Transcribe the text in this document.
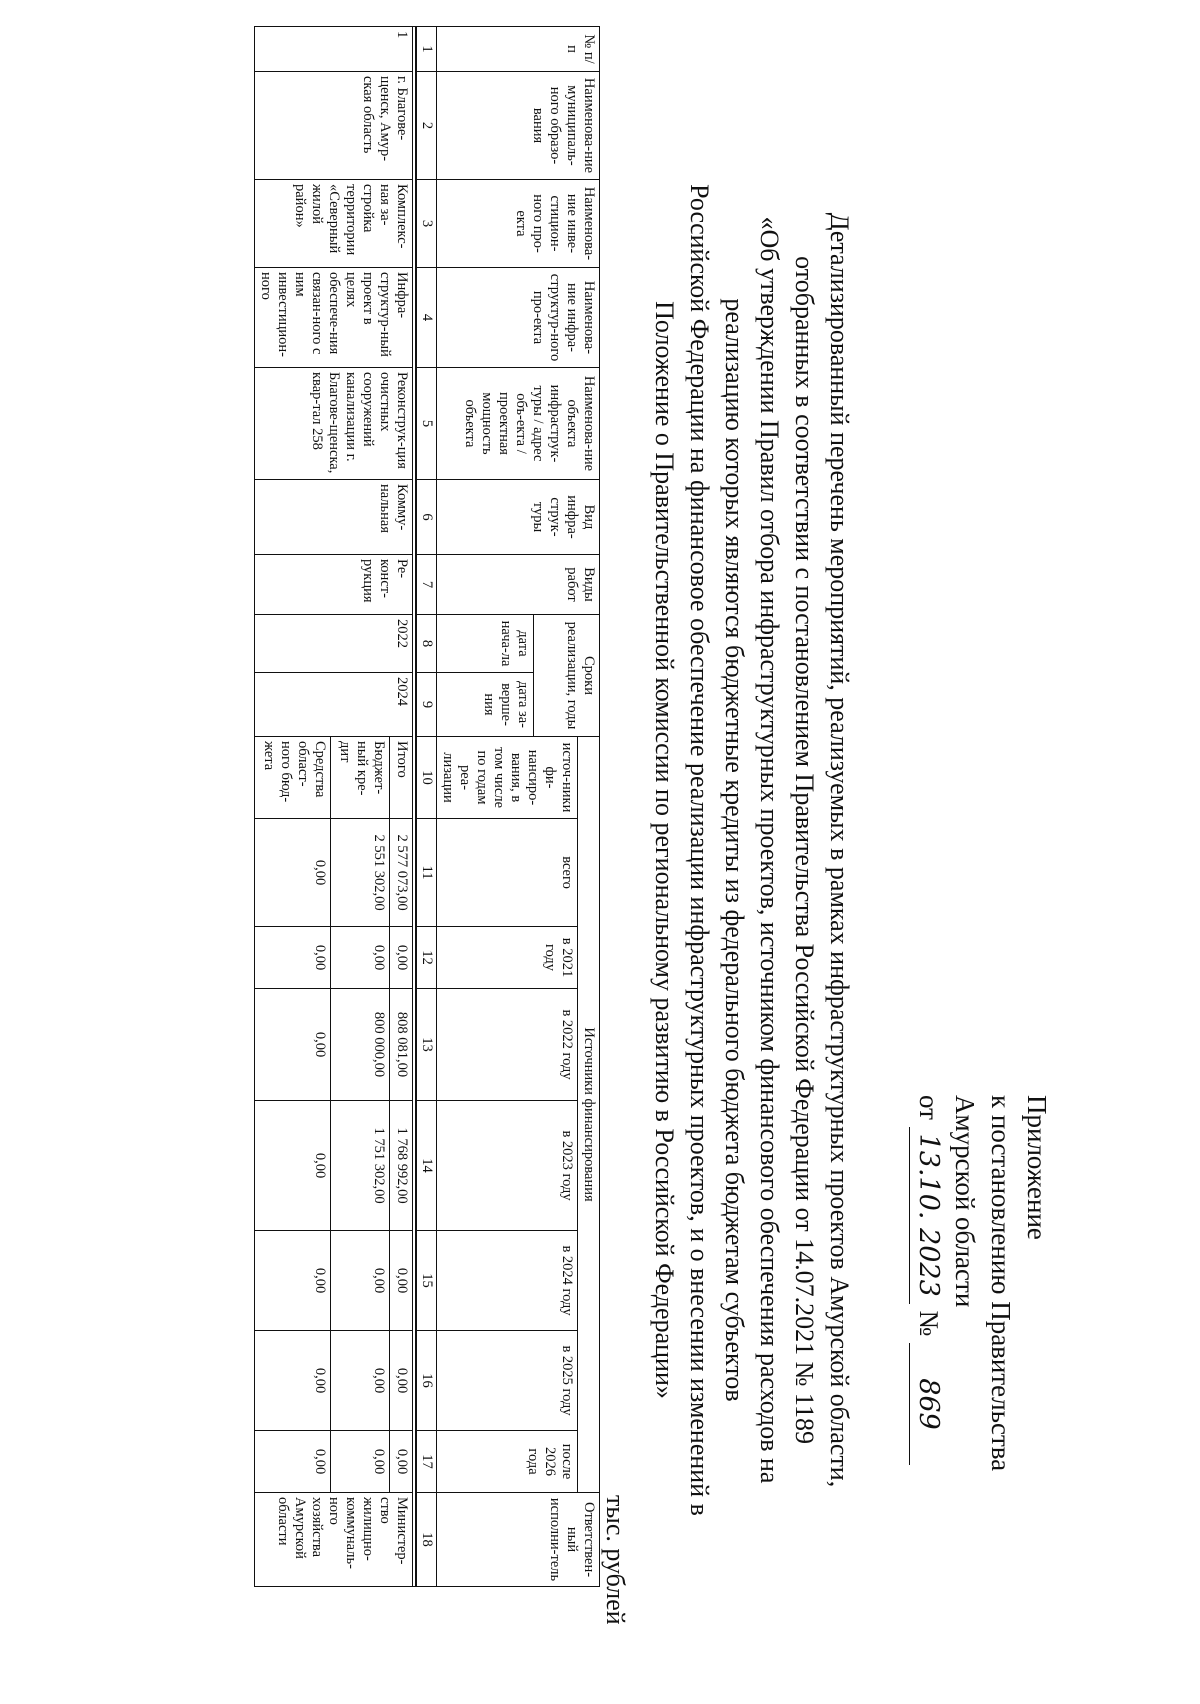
Приложение
к постановлению Правительства
Амурской области
от 13.10. 2023 № 869
Детализированный перечень мероприятий, реализуемых в рамках инфраструктурных проектов Амурской области,
отобранных в соответствии с постановлением Правительства Российской Федерации от 14.07.2021 № 1189
«Об утверждении Правил отбора инфраструктурных проектов, источником финансового обеспечения расходов на
реализацию которых являются бюджетные кредиты из федерального бюджета бюджетам субъектов
Российской Федерации на финансовое обеспечение реализации инфраструктурных проектов, и о внесении изменений в
Положение о Правительственной комиссии по региональному развитию в Российской Федерации»
тыс. рублей
№ п/п	Наименова-ние муниципаль-ного образо-вания	Наименова-ние инве-стицион-ного про-екта	Наименова-ние инфра-структур-ного про-екта	Наименова-ние объекта инфраструк-туры / адрес объ-екта / проектная мощность объекта	Вид инфра-струк-туры	Виды работ	Сроки реализации, годы		Источники финансирования								Ответствен-ный исполни-тель
									источ-ники фи-нансиро-вания, в том числе по годам реа-лизации	всего	в 2021 году	в 2022 году	в 2023 году	в 2024 году	в 2025 году	после 2026 года	
							дата нача-ла	дата за-верше-ния									
1	2	3	4	5	6	7	8	9	10	11	12	13	14	15	16	17	18

1	г. Благове-щенск, Амур-ская область	Комплекс-ная за-стройка территории «Северный жилой район»	Инфра-структур-ный проект в целях обеспече-ния связан-ного с ним инвестицион-ного	Реконструк-ция очистных сооружений канализации г. Благове-щенска, квар-тал 258	Комму-нальная	Ре-конст-рукция	2022	2024	Итого	2 577 073,00	0,00	808 081,00	1 768 992,00	0,00	0,00	0,00	Министер-ство жилищно-коммуналь-ного хозяйства Амурской области
									Бюджет-ный кре-дит	2 551 302,00	0,00	800 000,00	1 751 302,00	0,00	0,00	0,00	
									Средства област-ного бюд-жета	0,00	0,00	0,00	0,00	0,00	0,00	0,00	
